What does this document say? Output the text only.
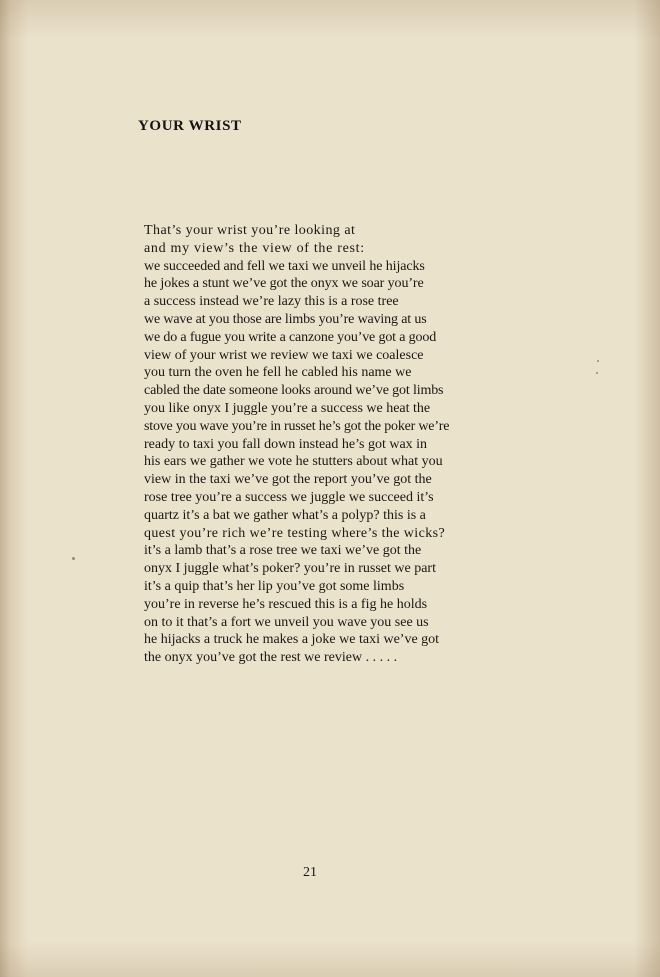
YOUR WRIST
That’s your wrist you’re looking at
and my view’s the view of the rest:
we succeeded and fell we taxi we unveil he hijacks
he jokes a stunt we’ve got the onyx we soar you’re
a success instead we’re lazy this is a rose tree
we wave at you those are limbs you’re waving at us
we do a fugue you write a canzone you’ve got a good
view of your wrist we review we taxi we coalesce
you turn the oven he fell he cabled his name we
cabled the date someone looks around we’ve got limbs
you like onyx I juggle you’re a success we heat the
stove you wave you’re in russet he’s got the poker we’re
ready to taxi you fall down instead he’s got wax in
his ears we gather we vote he stutters about what you
view in the taxi we’ve got the report you’ve got the
rose tree you’re a success we juggle we succeed it’s
quartz it’s a bat we gather what’s a polyp? this is a
quest you’re rich we’re testing where’s the wicks?
it’s a lamb that’s a rose tree we taxi we’ve got the
onyx I juggle what’s poker? you’re in russet we part
it’s a quip that’s her lip you’ve got some limbs
you’re in reverse he’s rescued this is a fig he holds
on to it that’s a fort we unveil you wave you see us
he hijacks a truck he makes a joke we taxi we’ve got
the onyx you’ve got the rest we review . . . . .
21
